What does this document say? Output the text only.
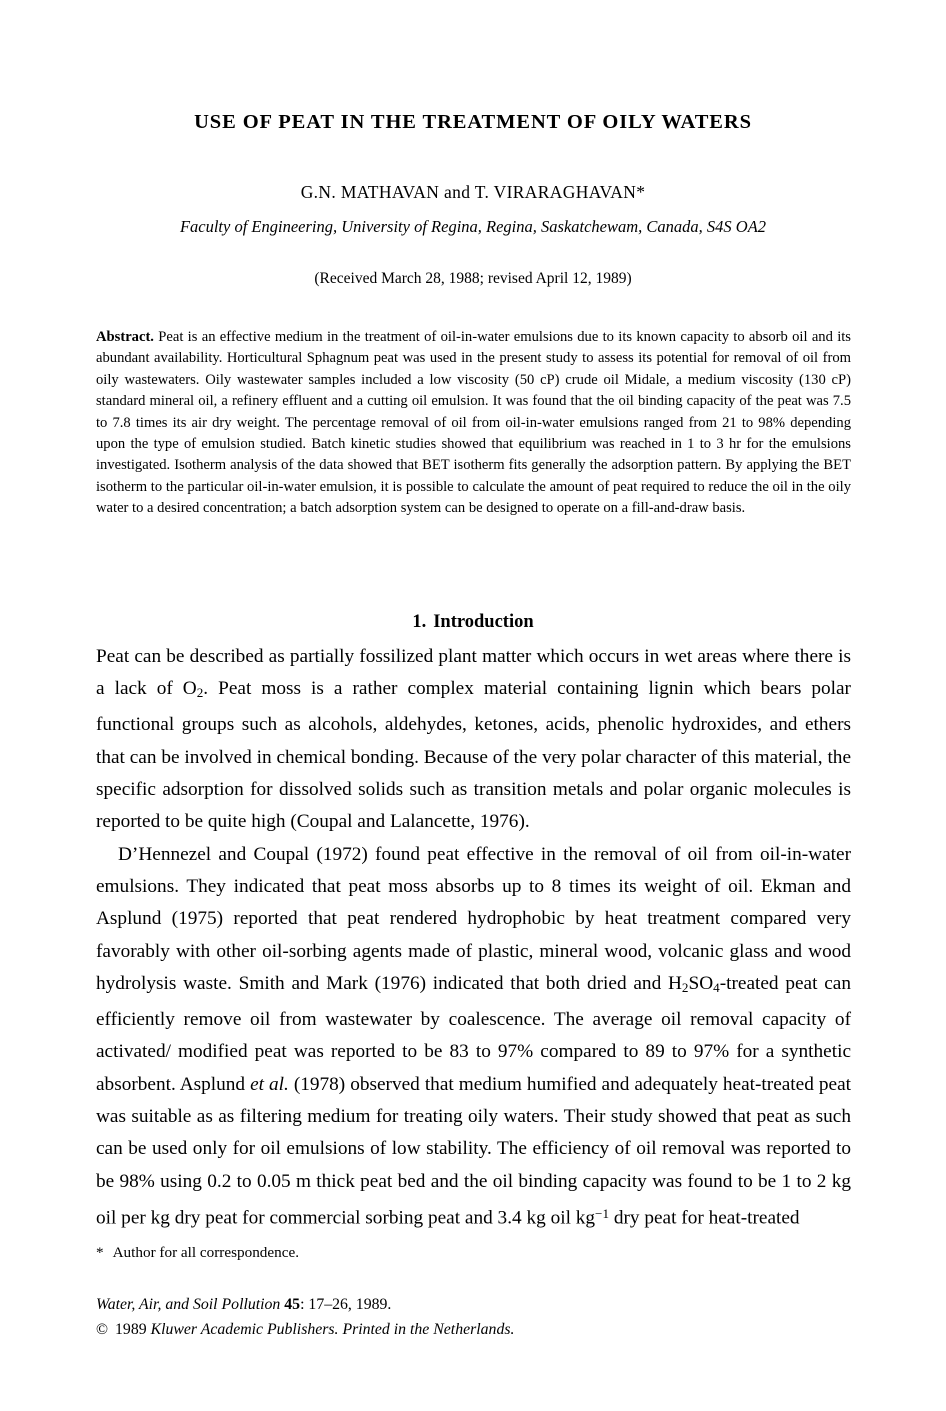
USE OF PEAT IN THE TREATMENT OF OILY WATERS
G.N. MATHAVAN and T. VIRARAGHAVAN*
Faculty of Engineering, University of Regina, Regina, Saskatchewam, Canada, S4S OA2
(Received March 28, 1988; revised April 12, 1989)
Abstract. Peat is an effective medium in the treatment of oil-in-water emulsions due to its known capacity to absorb oil and its abundant availability. Horticultural Sphagnum peat was used in the present study to assess its potential for removal of oil from oily wastewaters. Oily wastewater samples included a low viscosity (50 cP) crude oil Midale, a medium viscosity (130 cP) standard mineral oil, a refinery effluent and a cutting oil emulsion. It was found that the oil binding capacity of the peat was 7.5 to 7.8 times its air dry weight. The percentage removal of oil from oil-in-water emulsions ranged from 21 to 98% depending upon the type of emulsion studied. Batch kinetic studies showed that equilibrium was reached in 1 to 3 hr for the emulsions investigated. Isotherm analysis of the data showed that BET isotherm fits generally the adsorption pattern. By applying the BET isotherm to the particular oil-in-water emulsion, it is possible to calculate the amount of peat required to reduce the oil in the oily water to a desired concentration; a batch adsorption system can be designed to operate on a fill-and-draw basis.
1. Introduction

Peat can be described as partially fossilized plant matter which occurs in wet areas where there is a lack of $O_2$. Peat moss is a rather complex material containing lignin which bears polar functional groups such as alcohols, aldehydes, ketones, acids, phenolic hydroxides, and ethers that can be involved in chemical bonding. Because of the very polar character of this material, the specific adsorption for dissolved solids such as transition metals and polar organic molecules is reported to be quite high (Coupal and Lalancette, 1976).

D’Hennezel and Coupal (1972) found peat effective in the removal of oil from oil-in-water emulsions. They indicated that peat moss absorbs up to 8 times its weight of oil. Ekman and Asplund (1975) reported that peat rendered hydrophobic by heat treatment compared very favorably with other oil-sorbing agents made of plastic, mineral wood, volcanic glass and wood hydrolysis waste. Smith and Mark (1976) indicated that both dried and $H_2SO_4$-treated peat can efficiently remove oil from wastewater by coalescence. The average oil removal capacity of activated/ modified peat was reported to be 83 to 97% compared to 89 to 97% for a synthetic absorbent. Asplund et al. (1978) observed that medium humified and adequately heat-treated peat was suitable as as filtering medium for treating oily waters. Their study showed that peat as such can be used only for oil emulsions of low stability. The efficiency of oil removal was reported to be 98% using 0.2 to 0.05 m thick peat bed and the oil binding capacity was found to be 1 to 2 kg oil per kg dry peat for commercial sorbing peat and 3.4 kg oil $kg^{-1}$ dry peat for heat-treated

* Author for all correspondence.
Water, Air, and Soil Pollution 45: 17–26, 1989.
© 1989 Kluwer Academic Publishers. Printed in the Netherlands.
